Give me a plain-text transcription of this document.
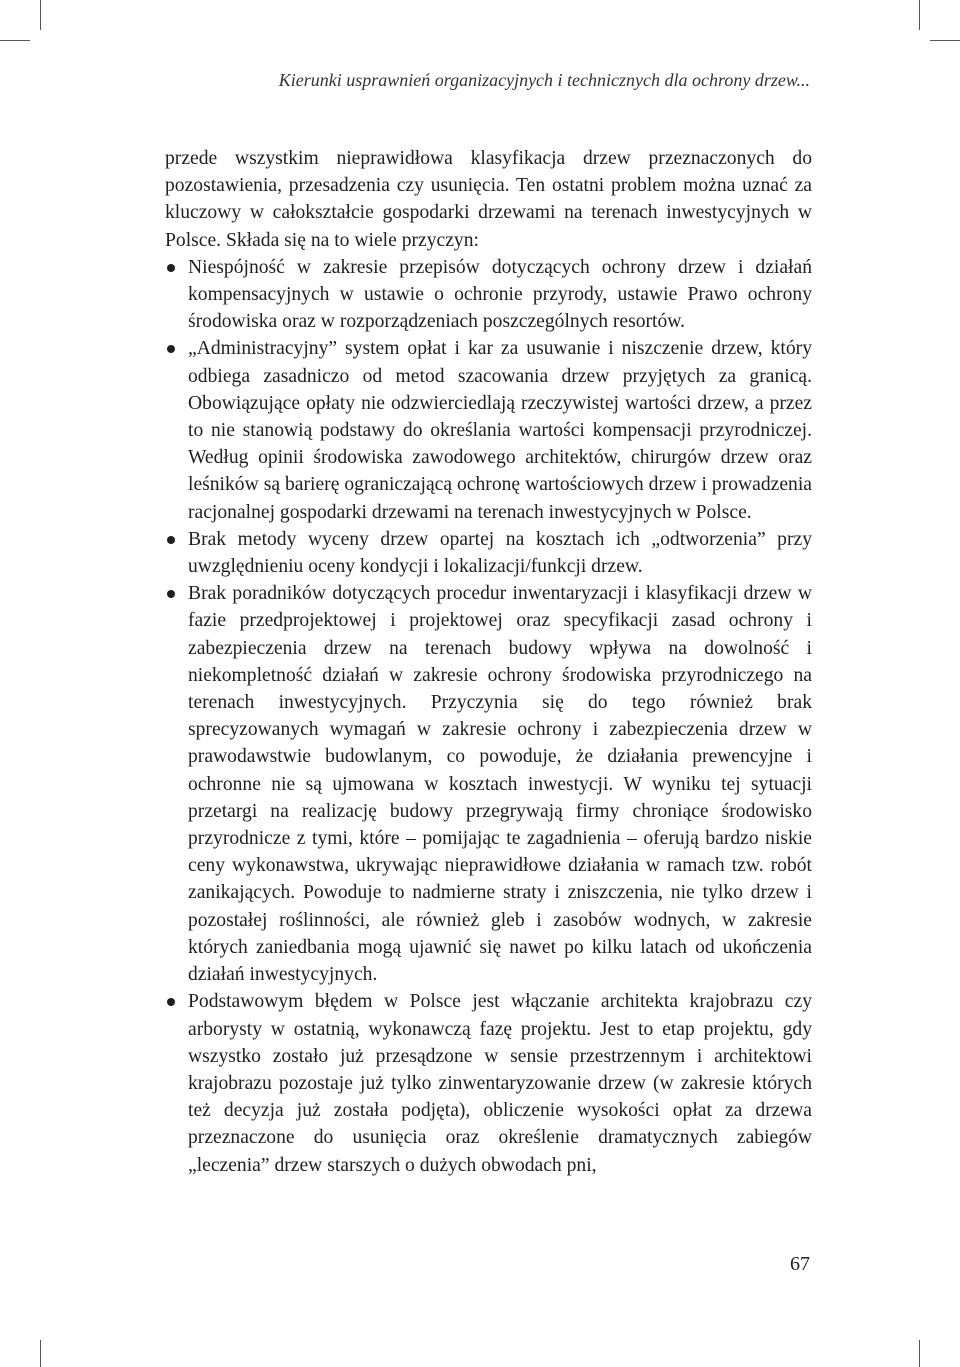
Kierunki usprawnień organizacyjnych i technicznych dla ochrony drzew...

przede wszystkim nieprawidłowa klasyfikacja drzew przeznaczonych do pozostawienia, przesadzenia czy usunięcia. Ten ostatni problem można uznać za kluczowy w całokształcie gospodarki drzewami na terenach inwestycyjnych w Polsce. Składa się na to wiele przyczyn:

Niespójność w zakresie przepisów dotyczących ochrony drzew i działań kompensacyjnych w ustawie o ochronie przyrody, ustawie Prawo ochrony środowiska oraz w rozporządzeniach poszczególnych resortów.
„Administracyjny” system opłat i kar za usuwanie i niszczenie drzew, który odbiega zasadniczo od metod szacowania drzew przyjętych za granicą. Obowiązujące opłaty nie odzwierciedlają rzeczywistej wartości drzew, a przez to nie stanowią podstawy do określania wartości kompensacji przyrodniczej. Według opinii środowiska zawodowego architektów, chirurgów drzew oraz leśników są barierę ograniczającą ochronę wartościowych drzew i prowadzenia racjonalnej gospodarki drzewami na terenach inwestycyjnych w Polsce.
Brak metody wyceny drzew opartej na kosztach ich „odtworzenia” przy uwzględnieniu oceny kondycji i lokalizacji/funkcji drzew.
Brak poradników dotyczących procedur inwentaryzacji i klasyfikacji drzew w fazie przedprojektowej i projektowej oraz specyfikacji zasad ochrony i zabezpieczenia drzew na terenach budowy wpływa na dowolność i niekompletność działań w zakresie ochrony środowiska przyrodniczego na terenach inwestycyjnych. Przyczynia się do tego również brak sprecyzowanych wymagań w zakresie ochrony i zabezpieczenia drzew w prawodawstwie budowlanym, co powoduje, że działania prewencyjne i ochronne nie są ujmowana w kosztach inwestycji. W wyniku tej sytuacji przetargi na realizację budowy przegrywają firmy chroniące środowisko przyrodnicze z tymi, które – pomijając te zagadnienia – oferują bardzo niskie ceny wykonawstwa, ukrywając nieprawidłowe działania w ramach tzw. robót zanikających. Powoduje to nadmierne straty i zniszczenia, nie tylko drzew i pozostałej roślinności, ale również gleb i zasobów wodnych, w zakresie których zaniedbania mogą ujawnić się nawet po kilku latach od ukończenia działań inwestycyjnych.
Podstawowym błędem w Polsce jest włączanie architekta krajobrazu czy arborysty w ostatnią, wykonawczą fazę projektu. Jest to etap projektu, gdy wszystko zostało już przesądzone w sensie przestrzennym i architektowi krajobrazu pozostaje już tylko zinwentaryzowanie drzew (w zakresie których też decyzja już została podjęta), obliczenie wysokości opłat za drzewa przeznaczone do usunięcia oraz określenie dramatycznych zabiegów „leczenia” drzew starszych o dużych obwodach pni,
67
